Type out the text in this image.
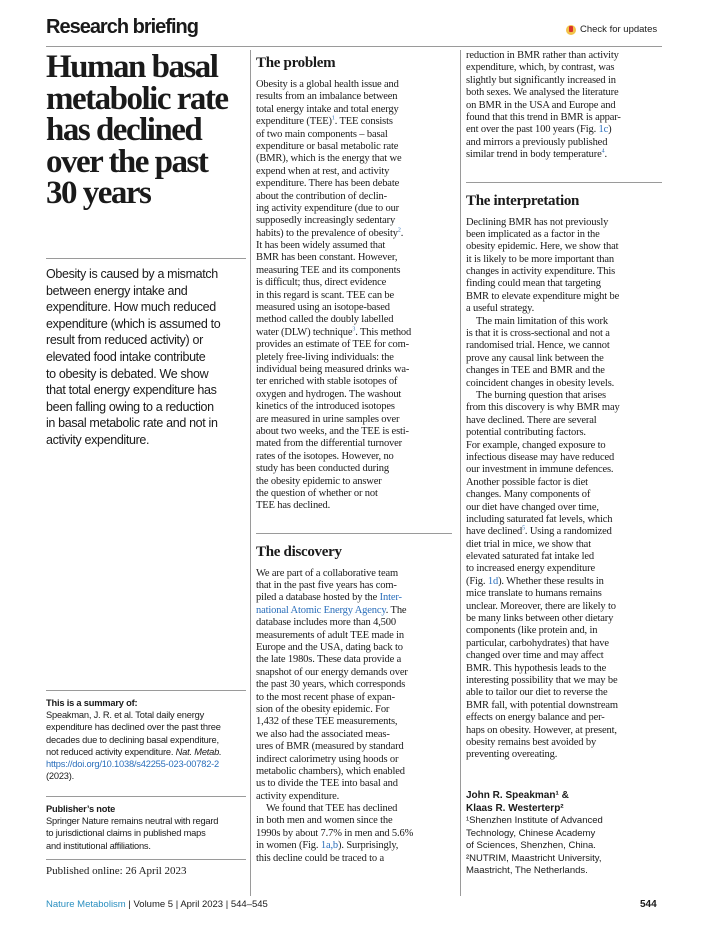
Research briefing	Check for updates
Human basal
metabolic rate
has declined
over the past
30 years
Obesity is caused by a mismatch
between energy intake and
expenditure. How much reduced
expenditure (which is assumed to
result from reduced activity) or
elevated food intake contribute
to obesity is debated. We show
that total energy expenditure has
been falling owing to a reduction
in basal metabolic rate and not in
activity expenditure.
This is a summary of:
Speakman, J. R. et al. Total daily energy
expenditure has declined over the past three
decades due to declining basal expenditure,
not reduced activity expenditure. Nat. Metab.
https://doi.org/10.1038/s42255-023-00782-2
(2023).
Publisher’s note
Springer Nature remains neutral with regard
to jurisdictional claims in published maps
and institutional affiliations.
Published online: 26 April 2023
The problem
Obesity is a global health issue and
results from an imbalance between
total energy intake and total energy
expenditure (TEE)$^1$. TEE consists
of two main components – basal
expenditure or basal metabolic rate
(BMR), which is the energy that we
expend when at rest, and activity
expenditure. There has been debate
about the contribution of declin-
ing activity expenditure (due to our
supposedly increasingly sedentary
habits) to the prevalence of obesity$^2$.
It has been widely assumed that
BMR has been constant. However,
measuring TEE and its components
is difficult; thus, direct evidence
in this regard is scant. TEE can be
measured using an isotope-based
method called the doubly labelled
water (DLW) technique$^3$. This method
provides an estimate of TEE for com-
pletely free-living individuals: the
individual being measured drinks wa-
ter enriched with stable isotopes of
oxygen and hydrogen. The washout
kinetics of the introduced isotopes
are measured in urine samples over
about two weeks, and the TEE is esti-
mated from the differential turnover
rates of the isotopes. However, no
study has been conducted during
the obesity epidemic to answer
the question of whether or not
TEE has declined.
The discovery
We are part of a collaborative team
that in the past five years has com-
piled a database hosted by the Inter-
national Atomic Energy Agency. The
database includes more than 4,500
measurements of adult TEE made in
Europe and the USA, dating back to
the late 1980s. These data provide a
snapshot of our energy demands over
the past 30 years, which corresponds
to the most recent phase of expan-
sion of the obesity epidemic. For
1,432 of these TEE measurements,
we also had the associated meas-
ures of BMR (measured by standard
indirect calorimetry using hoods or
metabolic chambers), which enabled
us to divide the TEE into basal and
activity expenditure.
We found that TEE has declined
in both men and women since the
1990s by about 7.7% in men and 5.6%
in women (Fig. 1a,b). Surprisingly,
this decline could be traced to a
reduction in BMR rather than activity
expenditure, which, by contrast, was
slightly but significantly increased in
both sexes. We analysed the literature
on BMR in the USA and Europe and
found that this trend in BMR is appar-
ent over the past 100 years (Fig. 1c)
and mirrors a previously published
similar trend in body temperature$^4$.
The interpretation
Declining BMR has not previously
been implicated as a factor in the
obesity epidemic. Here, we show that
it is likely to be more important than
changes in activity expenditure. This
finding could mean that targeting
BMR to elevate expenditure might be
a useful strategy.
The main limitation of this work
is that it is cross-sectional and not a
randomised trial. Hence, we cannot
prove any causal link between the
changes in TEE and BMR and the
coincident changes in obesity levels.
The burning question that arises
from this discovery is why BMR may
have declined. There are several
potential contributing factors.
For example, changed exposure to
infectious disease may have reduced
our investment in immune defences.
Another possible factor is diet
changes. Many components of
our diet have changed over time,
including saturated fat levels, which
have declined$^5$. Using a randomized
diet trial in mice, we show that
elevated saturated fat intake led
to increased energy expenditure
(Fig. 1d). Whether these results in
mice translate to humans remains
unclear. Moreover, there are likely to
be many links between other dietary
components (like protein and, in
particular, carbohydrates) that have
changed over time and may affect
BMR. This hypothesis leads to the
interesting possibility that we may be
able to tailor our diet to reverse the
BMR fall, with potential downstream
effects on energy balance and per-
haps on obesity. However, at present,
obesity remains best avoided by
preventing overeating.
John R. Speakman¹ &
Klaas R. Westerterp²
¹Shenzhen Institute of Advanced
Technology, Chinese Academy
of Sciences, Shenzhen, China.
²NUTRIM, Maastricht University,
Maastricht, The Netherlands.
Nature Metabolism | Volume 5 | April 2023 | 544–545	544
